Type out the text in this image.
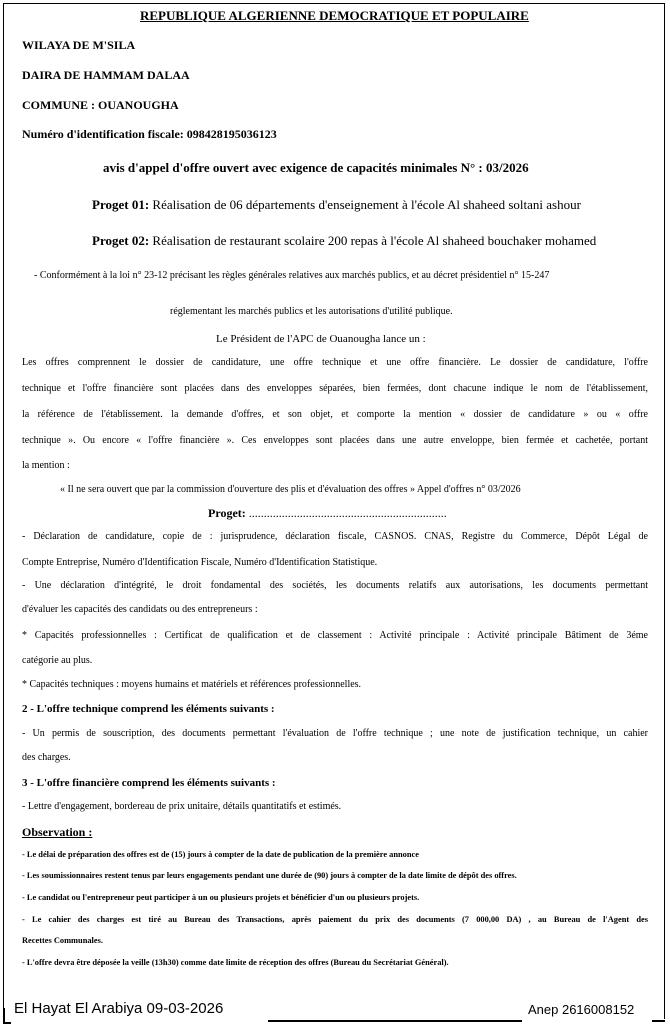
REPUBLIQUE ALGERIENNE DEMOCRATIQUE ET POPULAIRE
WILAYA DE M'SILA
DAIRA DE HAMMAM DALAA
COMMUNE : OUANOUGHA
Numéro d'identification fiscale: 098428195036123
avis d'appel d'offre ouvert avec exigence de capacités minimales N° : 03/2026
Proget 01: Réalisation de 06 départements d'enseignement à l'école Al shaheed soltani ashour
Proget 02: Réalisation de restaurant scolaire 200 repas à l'école Al shaheed bouchaker mohamed
- Conformément à la loi n° 23-12 précisant les règles générales relatives aux marchés publics, et au décret présidentiel n° 15-247
réglementant les marchés publics et les autorisations d'utilité publique.
Le Président de l'APC de Ouanougha lance un :
Les offres comprennent le dossier de candidature, une offre technique et une offre financière. Le dossier de candidature, l'offre
technique et l'offre financière sont placées dans des enveloppes séparées, bien fermées, dont chacune indique le nom de l'établissement,
la référence de l'établissement. la demande d'offres, et son objet, et comporte la mention « dossier de candidature » ou « offre
technique ». Ou encore « l'offre financière ». Ces enveloppes sont placées dans une autre enveloppe, bien fermée et cachetée, portant
la mention :
« Il ne sera ouvert que par la commission d'ouverture des plis et d'évaluation des offres » Appel d'offres n° 03/2026
Proget: ..................................................................
- Déclaration de candidature, copie de : jurisprudence, déclaration fiscale, CASNOS. CNAS, Registre du Commerce, Dépôt Légal de
Compte Entreprise, Numéro d'Identification Fiscale, Numéro d'Identification Statistique.
- Une déclaration d'intégrité, le droit fondamental des sociétés, les documents relatifs aux autorisations, les documents permettant
d'évaluer les capacités des candidats ou des entrepreneurs :
* Capacités professionnelles : Certificat de qualification et de classement : Activité principale : Activité principale Bâtiment de 3éme
catégorie au plus.
* Capacités techniques : moyens humains et matériels et références professionnelles.
2 - L'offre technique comprend les éléments suivants :
- Un permis de souscription, des documents permettant l'évaluation de l'offre technique ; une note de justification technique, un cahier
des charges.
3 - L'offre financière comprend les éléments suivants :
- Lettre d'engagement, bordereau de prix unitaire, détails quantitatifs et estimés.
Observation :
- Le délai de préparation des offres est de (15) jours à compter de la date de publication de la première annonce
- Les soumissionnaires restent tenus par leurs engagements pendant une durée de (90) jours à compter de la date limite de dépôt des offres.
- Le candidat ou l'entrepreneur peut participer à un ou plusieurs projets et bénéficier d'un ou plusieurs projets.
- Le cahier des charges est tiré au Bureau des Transactions, après paiement du prix des documents (7 000,00 DA) , au Bureau de l'Agent des
Recettes Communales.
- L'offre devra être déposée la veille (13h30) comme date limite de réception des offres (Bureau du Secrétariat Général).
El Hayat El Arabiya 09-03-2026	Anep 2616008152
